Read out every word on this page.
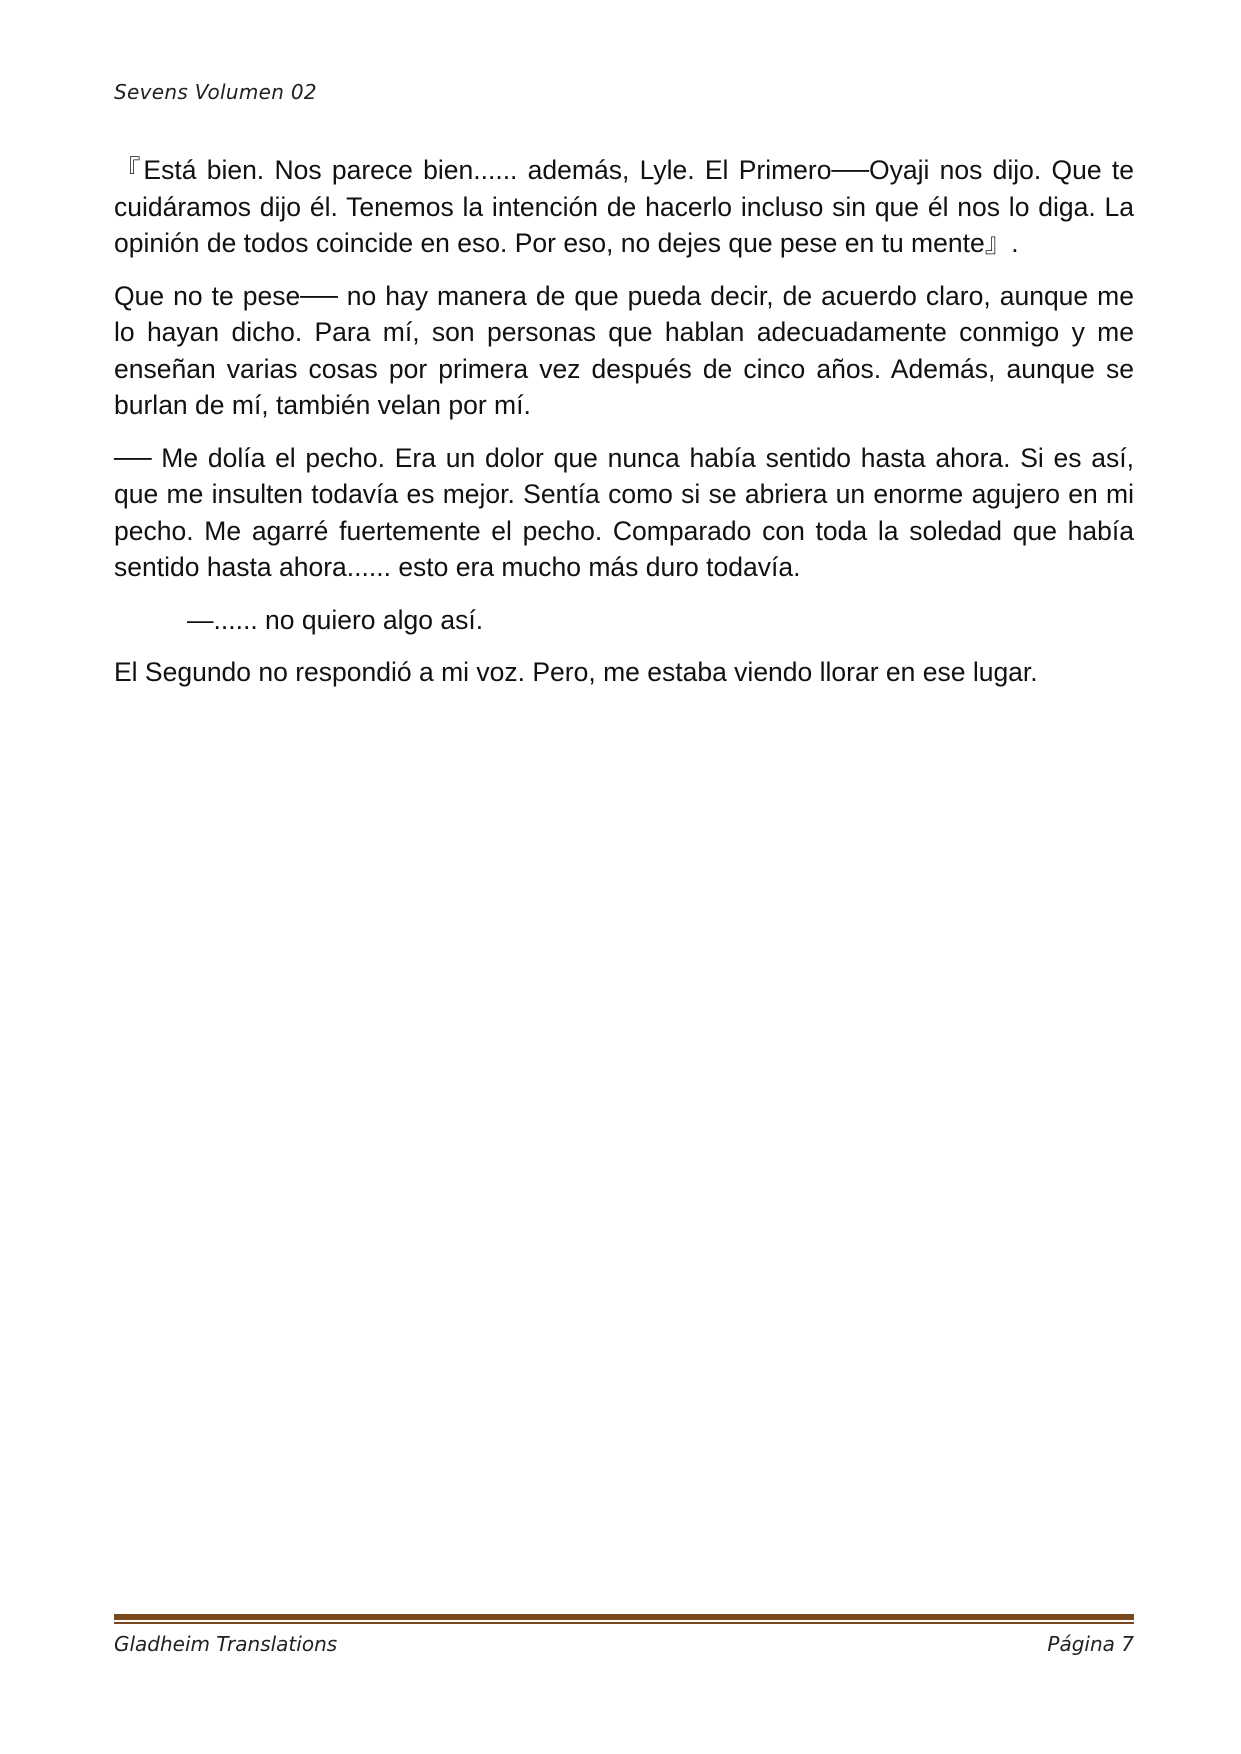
Sevens Volumen 02

『Está bien. Nos parece bien...... además, Lyle. El Primero──Oyaji nos dijo. Que te cuidáramos dijo él. Tenemos la intención de hacerlo incluso sin que él nos lo diga. La opinión de todos coincide en eso. Por eso, no dejes que pese en tu mente』.

Que no te pese── no hay manera de que pueda decir, de acuerdo claro, aunque me lo hayan dicho. Para mí, son personas que hablan adecuadamente conmigo y me enseñan varias cosas por primera vez después de cinco años. Además, aunque se burlan de mí, también velan por mí.

── Me dolía el pecho. Era un dolor que nunca había sentido hasta ahora. Si es así, que me insulten todavía es mejor. Sentía como si se abriera un enorme agujero en mi pecho. Me agarré fuertemente el pecho. Comparado con toda la soledad que había sentido hasta ahora...... esto era mucho más duro todavía.

—...... no quiero algo así.

El Segundo no respondió a mi voz. Pero, me estaba viendo llorar en ese lugar.

Gladheim Translations	Página 7
